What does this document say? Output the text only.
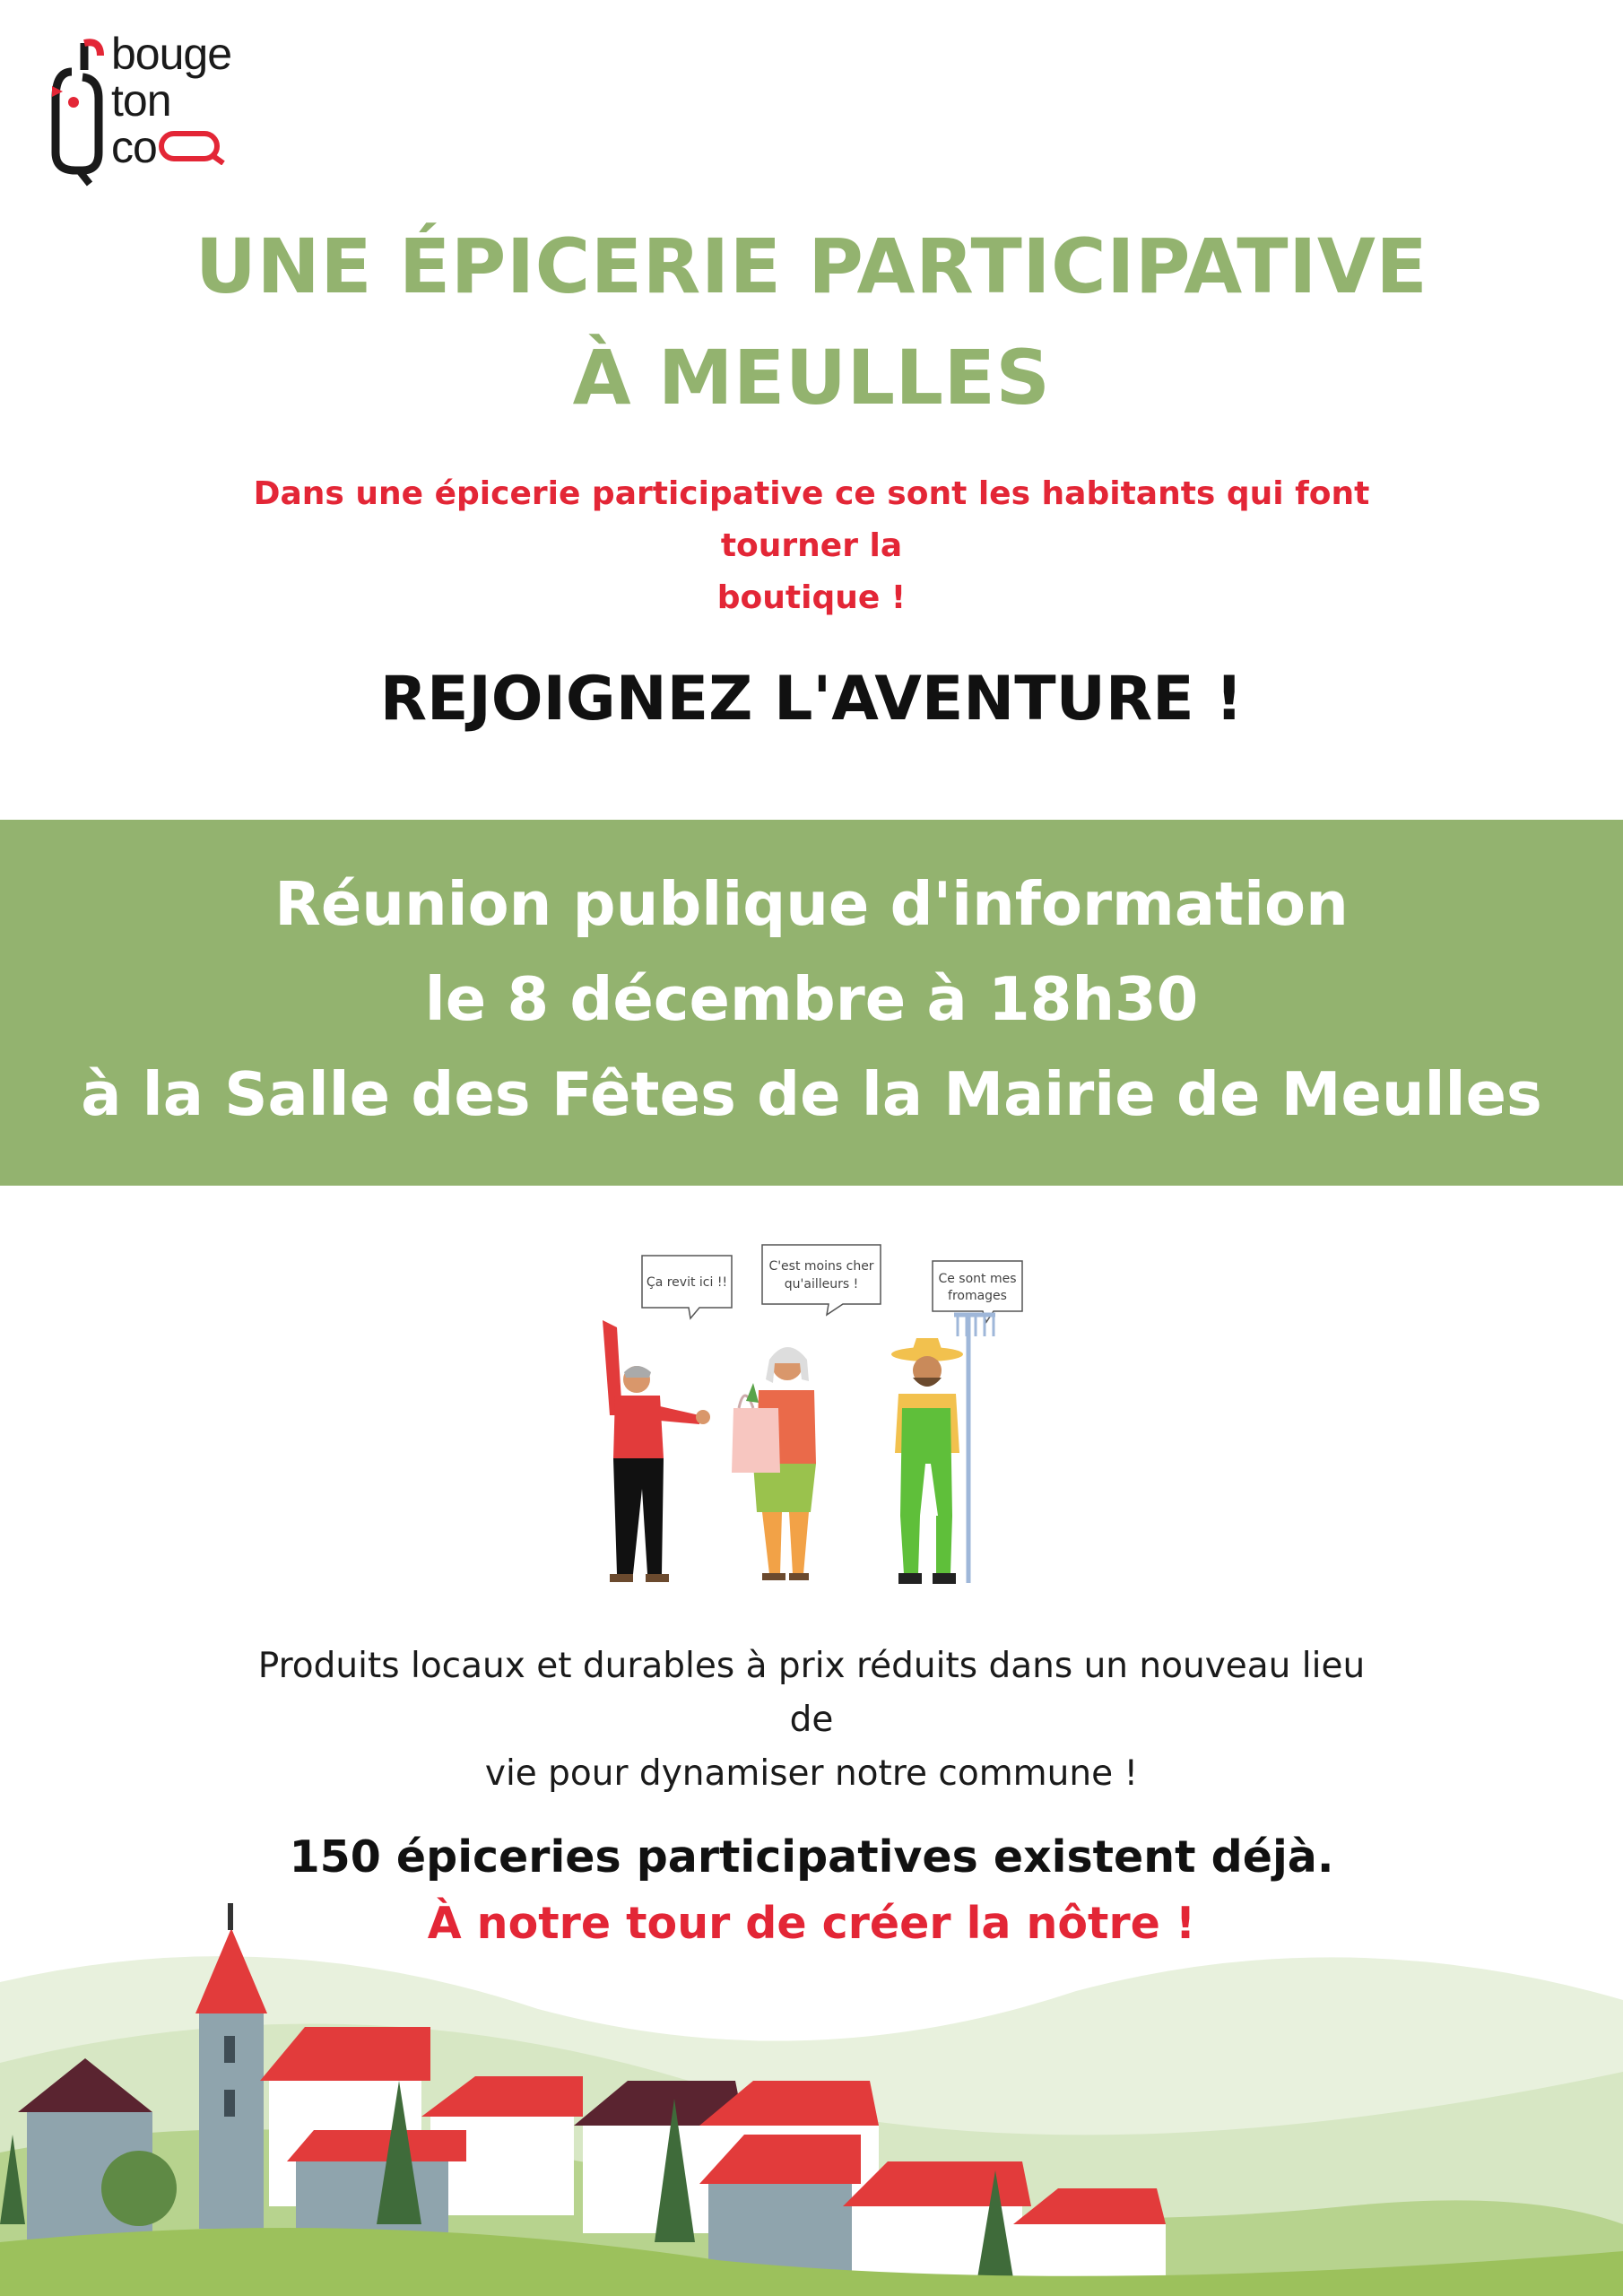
bouge
ton
co
UNE ÉPICERIE PARTICIPATIVE
À MEULLES
Dans une épicerie participative ce sont les habitants qui font tourner la
boutique !
REJOIGNEZ L'AVENTURE !
Réunion publique d'information
le 8 décembre à 18h30
à la Salle des Fêtes de la Mairie de Meulles
Ça revit ici !!
C'est moins cher
qu'ailleurs !	Ce sont mes
fromages
Produits locaux et durables à prix réduits dans un nouveau lieu de
vie pour dynamiser notre commune !
150 épiceries participatives existent déjà.
À notre tour de créer la nôtre !
